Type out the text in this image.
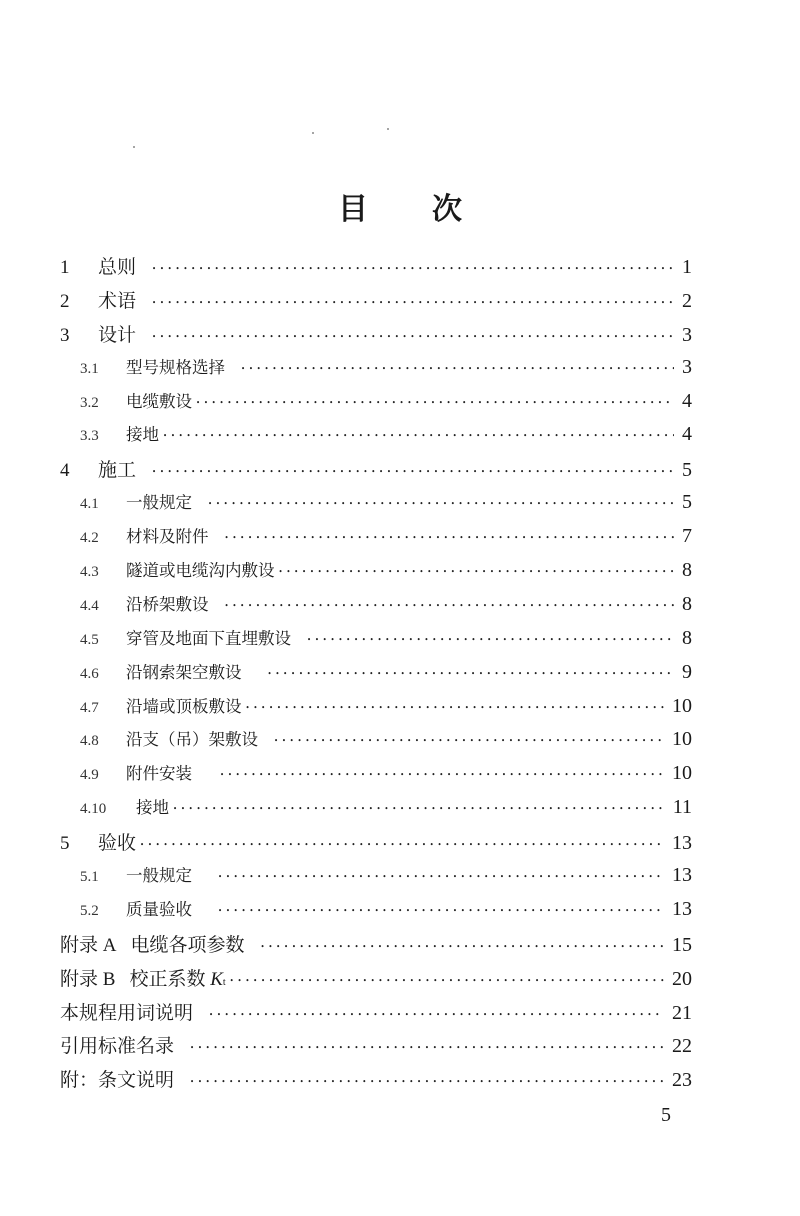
目 次
1	总则 •••••	1
2	术语 •••••	2
3	设计 •••••	3
3.1	型号规格选择 •••••	3
3.2	电缆敷设 •••••	4
3.3	接地 •••••	4
4	施工 •••••	5
4.1	一般规定 •••••	5
4.2	材料及附件 •••••	7
4.3	隧道或电缆沟内敷设 •••••	8
4.4	沿桥架敷设 •••••	8
4.5	穿管及地面下直埋敷设 •••••	8
4.6	沿钢索架空敷设 •••••	9
4.7	沿墙或顶板敷设 •••••	10
4.8	沿支（吊）架敷设 •••••	10
4.9	附件安装 •••••	10
4.10	接地 •••••	11
5	验收 •••••	13
5.1	一般规定 •••••	13
5.2	质量验收 •••••	13
附录 A 电缆各项参数 •••••	15
附录 B 校正系数 Kt •••••	20
本规程用词说明 •••••	21
引用标准名录 •••••	22
附：条文说明 •••••	23
5
